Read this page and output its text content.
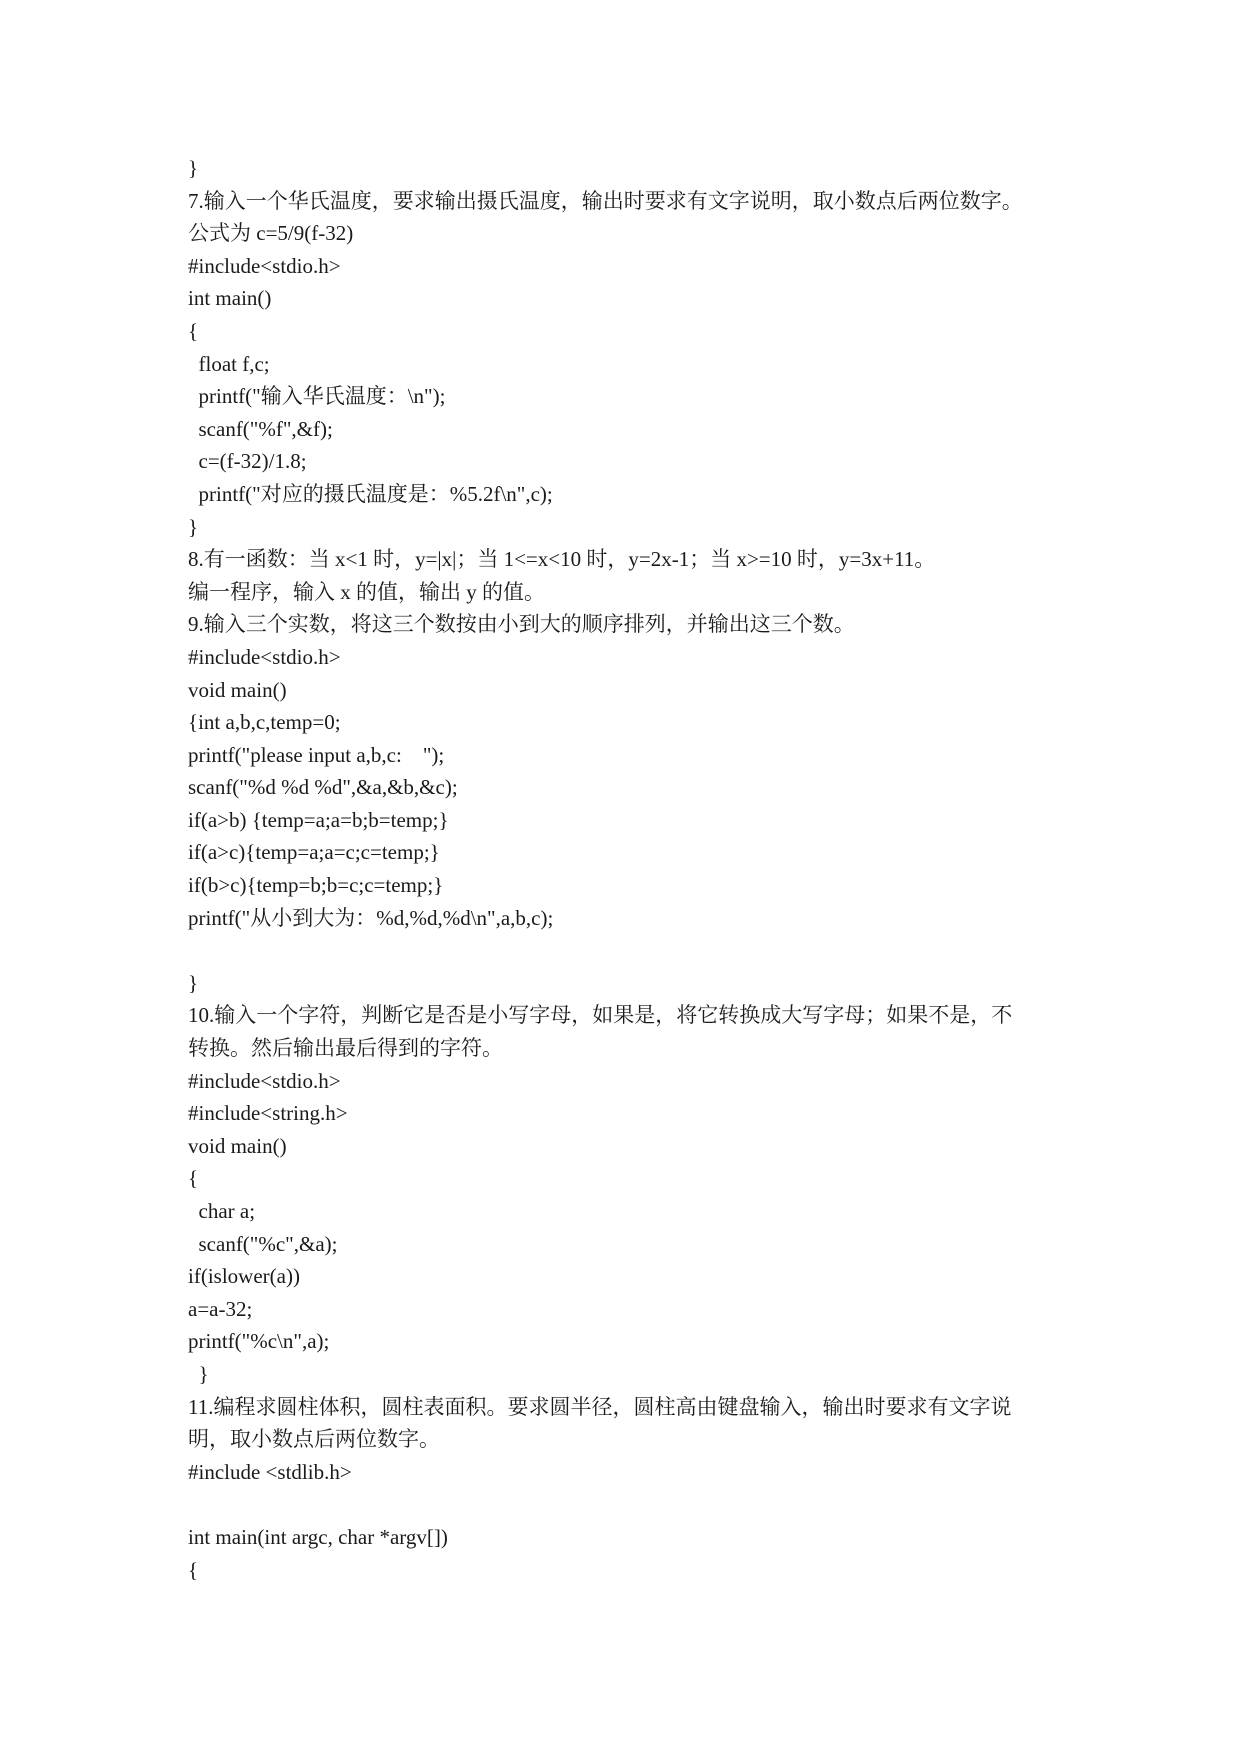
}
7.输入一个华氏温度，要求输出摄氏温度，输出时要求有文字说明，取小数点后两位数字。
公式为 c=5/9(f-32)
#include<stdio.h>
int main()
{
float f,c;
printf("输入华氏温度：\n");
scanf("%f",&f);
c=(f-32)/1.8;
printf("对应的摄氏温度是：%5.2f\n",c);
}
8.有一函数：当 x<1 时，y=|x|；当 1<=x<10 时，y=2x-1；当 x>=10 时，y=3x+11。
编一程序，输入 x 的值，输出 y 的值。
9.输入三个实数，将这三个数按由小到大的顺序排列，并输出这三个数。
#include<stdio.h>
void main()
{int a,b,c,temp=0;
printf("please input a,b,c:    ");
scanf("%d %d %d",&a,&b,&c);
if(a>b) {temp=a;a=b;b=temp;}
if(a>c){temp=a;a=c;c=temp;}
if(b>c){temp=b;b=c;c=temp;}
printf("从小到大为：%d,%d,%d\n",a,b,c);
}
10.输入一个字符，判断它是否是小写字母，如果是，将它转换成大写字母；如果不是，不
转换。然后输出最后得到的字符。
#include<stdio.h>
#include<string.h>
void main()
{
char a;
scanf("%c",&a);
if(islower(a))
a=a-32;
printf("%c\n",a);
}
11.编程求圆柱体积，圆柱表面积。要求圆半径，圆柱高由键盘输入，输出时要求有文字说
明，取小数点后两位数字。
#include <stdlib.h>
int main(int argc, char *argv[])
{
